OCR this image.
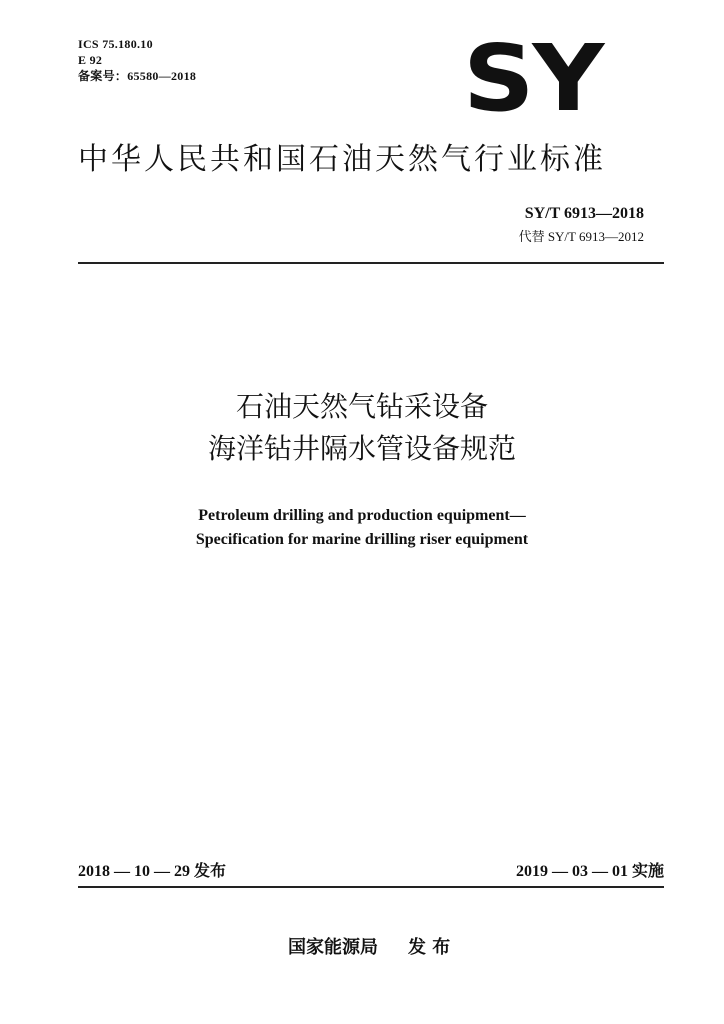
ICS 75.180.10
E 92
备案号：65580—2018	SY
中华人民共和国石油天然气行业标准
SY/T 6913—2018
代替 SY/T 6913—2012
石油天然气钻采设备
海洋钻井隔水管设备规范
Petroleum drilling and production equipment—
Specification for marine drilling riser equipment
2018 — 10 — 29 发布	2019 — 03 — 01 实施
国家能源局 发 布
